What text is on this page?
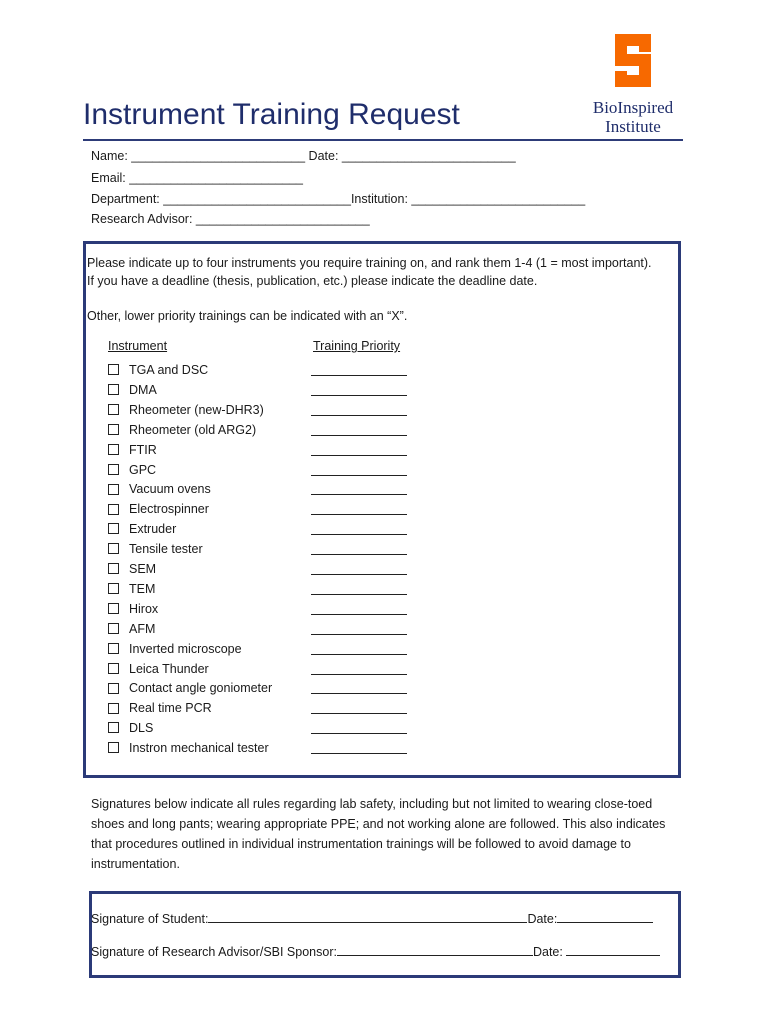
BioInspired
Institute
Instrument Training Request
Name: _________________________ Date: _________________________
Email: _________________________
Department: ___________________________Institution: _________________________
Research Advisor: _________________________
Please indicate up to four instruments you require training on, and rank them 1-4 (1 = most important).
If you have a deadline (thesis, publication, etc.) please indicate the deadline date.
Other, lower priority trainings can be indicated with an “X”.
Instrument	Training Priority
TGA and DSC
DMA
Rheometer (new-DHR3)
Rheometer (old ARG2)
FTIR
GPC
Vacuum ovens
Electrospinner
Extruder
Tensile tester
SEM
TEM
Hirox
AFM
Inverted microscope
Leica Thunder
Contact angle goniometer
Real time PCR
DLS
Instron mechanical tester
Signatures below indicate all rules regarding lab safety, including but not limited to wearing close-toed shoes and long pants; wearing appropriate PPE; and not working alone are followed. This also indicates that procedures outlined in individual instrumentation trainings will be followed to avoid damage to instrumentation.
Signature of Student:	Date:
Signature of Research Advisor/SBI Sponsor:	Date:
